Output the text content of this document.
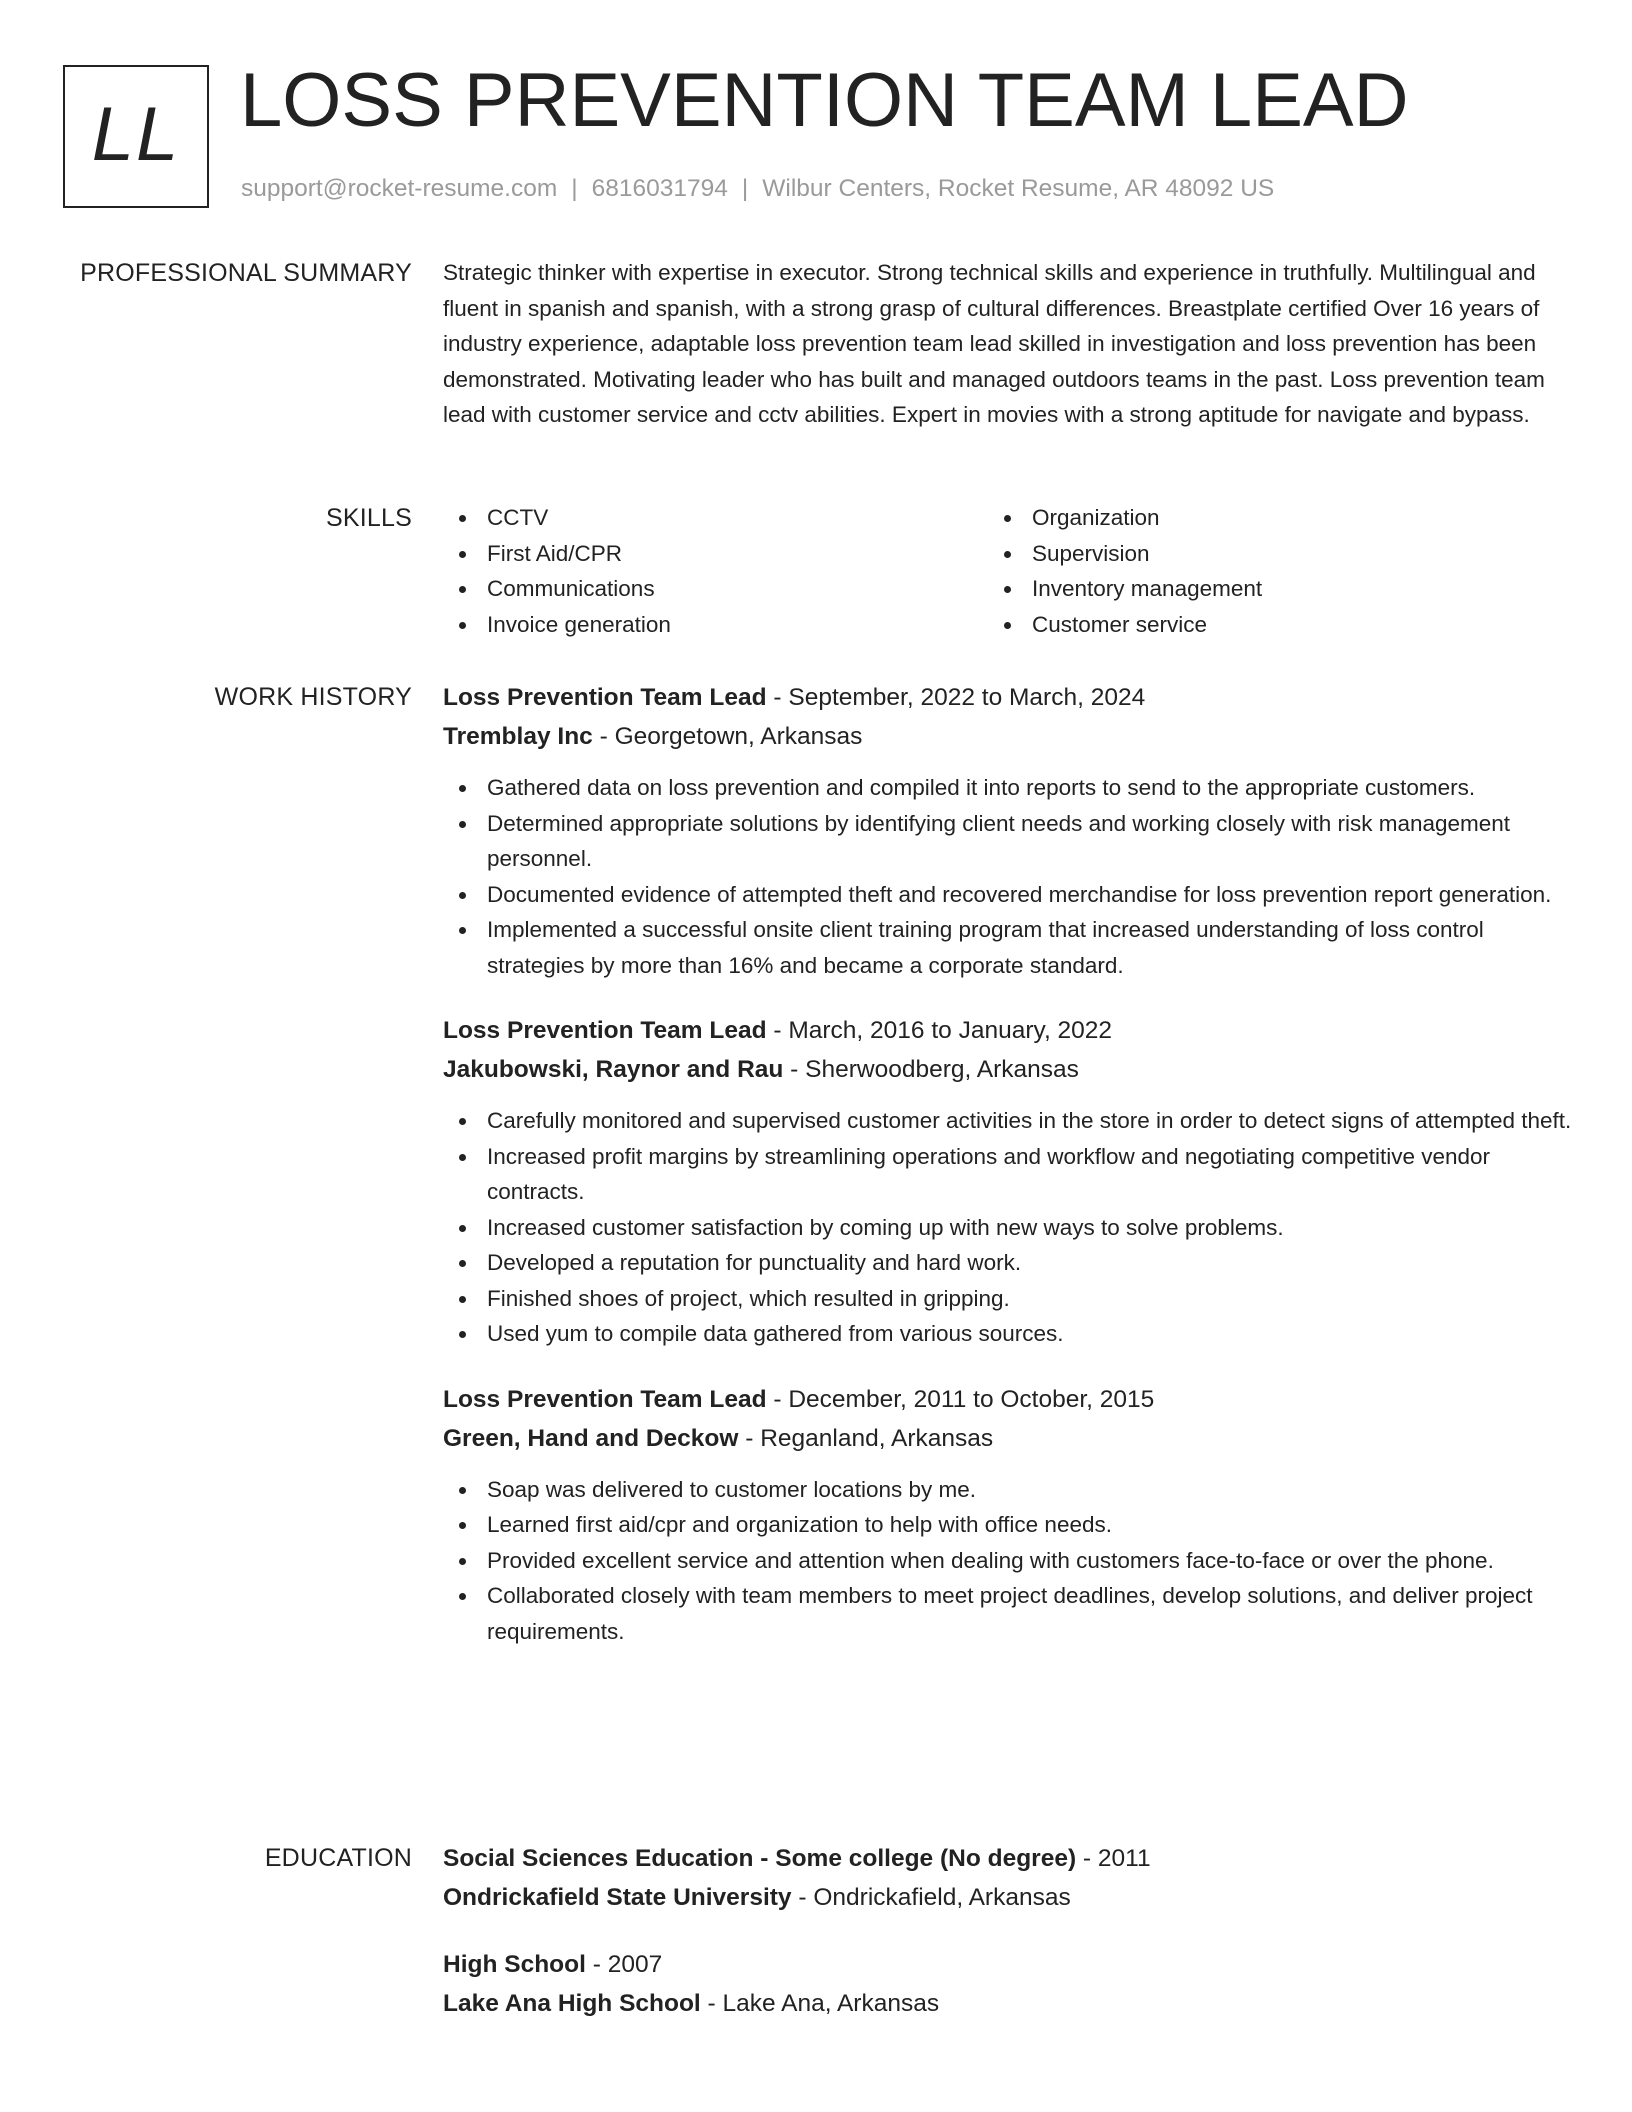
LL LOSS PREVENTION TEAM LEAD
support@rocket-resume.com | 6816031794 | Wilbur Centers, Rocket Resume, AR 48092 US
PROFESSIONAL SUMMARY Strategic thinker with expertise in executor. Strong technical skills and experience in truthfully. Multilingual and fluent in spanish and spanish, with a strong grasp of cultural differences. Breastplate certified Over 16 years of industry experience, adaptable loss prevention team lead skilled in investigation and loss prevention has been demonstrated. Motivating leader who has built and managed outdoors teams in the past. Loss prevention team lead with customer service and cctv abilities. Expert in movies with a strong aptitude for navigate and bypass.

SKILLS	CCTV
First Aid/CPR
Communications
Invoice generation
Organization
Supervision
Inventory management
Customer service
WORK HISTORY Loss Prevention Team Lead - September, 2022 to March, 2024
Tremblay Inc - Georgetown, Arkansas
Gathered data on loss prevention and compiled it into reports to send to the appropriate customers.
Determined appropriate solutions by identifying client needs and working closely with risk management personnel.
Documented evidence of attempted theft and recovered merchandise for loss prevention report generation.
Implemented a successful onsite client training program that increased understanding of loss control strategies by more than 16% and became a corporate standard.
Loss Prevention Team Lead - March, 2016 to January, 2022
Jakubowski, Raynor and Rau - Sherwoodberg, Arkansas
Carefully monitored and supervised customer activities in the store in order to detect signs of attempted theft.
Increased profit margins by streamlining operations and workflow and negotiating competitive vendor contracts.
Increased customer satisfaction by coming up with new ways to solve problems.
Developed a reputation for punctuality and hard work.
Finished shoes of project, which resulted in gripping.
Used yum to compile data gathered from various sources.
Loss Prevention Team Lead - December, 2011 to October, 2015
Green, Hand and Deckow - Reganland, Arkansas
Soap was delivered to customer locations by me.
Learned first aid/cpr and organization to help with office needs.
Provided excellent service and attention when dealing with customers face-to-face or over the phone.
Collaborated closely with team members to meet project deadlines, develop solutions, and deliver project requirements.
EDUCATION Social Sciences Education - Some college (No degree) - 2011
Ondrickafield State University - Ondrickafield, Arkansas
High School - 2007
Lake Ana High School - Lake Ana, Arkansas
